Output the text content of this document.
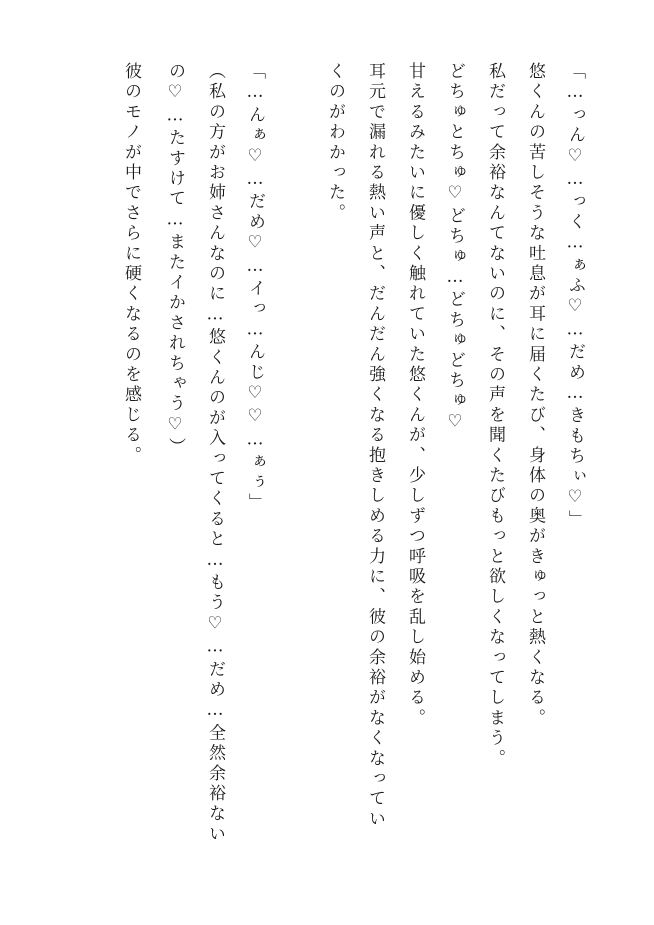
「…っん♡…っく…ぁふ♡…だめ…きもちぃ♡」
悠くんの苦しそうな吐息が耳に届くたび、身体の奥がきゅっと熱くなる。
私だって余裕なんてないのに、その声を聞くたびもっと欲しくなってしまう。
どちゅとちゅ♡どちゅ…どちゅどちゅ♡
甘えるみたいに優しく触れていた悠くんが、少しずつ呼吸を乱し始める。
耳元で漏れる熱い声と、だんだん強くなる抱きしめる力に、彼の余裕がなくなってい
くのがわかった。
「…んぁ♡…だめ♡…イっ…んじ♡♡…ぁぅ」
（私の方がお姉さんなのに…悠くんのが入ってくると…もう♡…だめ…全然余裕ない
の♡…たすけて…またイかされちゃう♡）
彼のモノが中でさらに硬くなるのを感じる。
